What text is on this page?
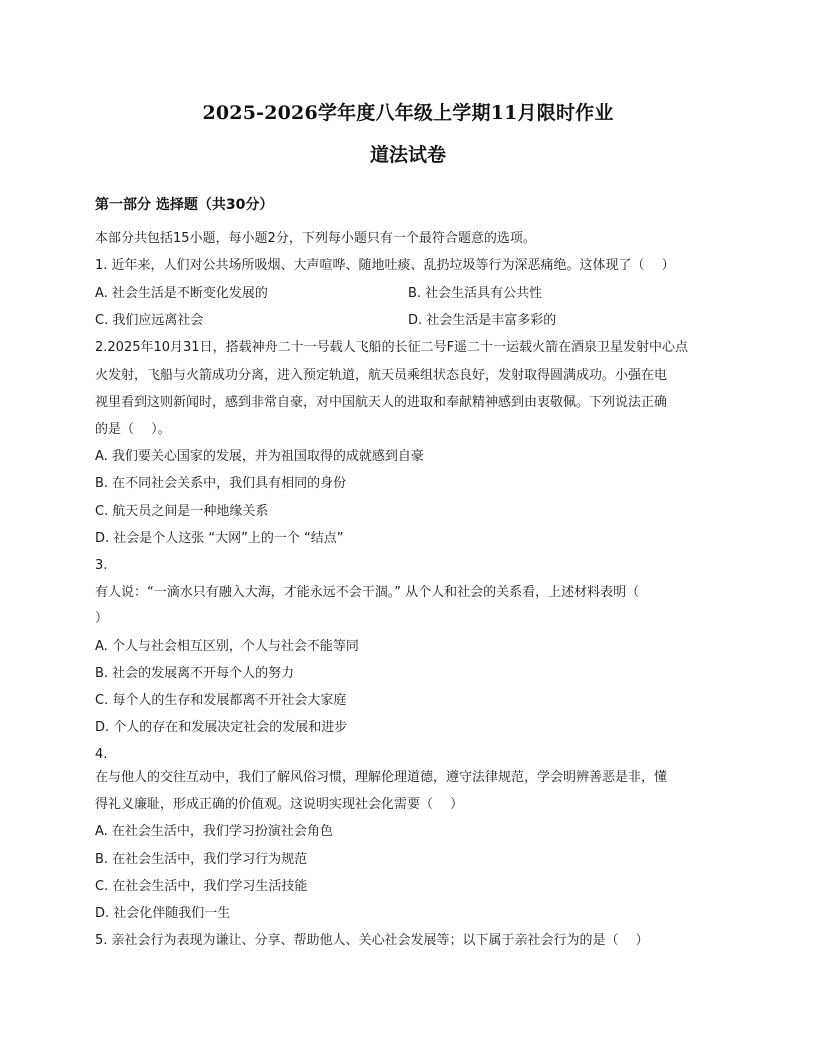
2025-2026学年度八年级上学期11月限时作业
道法试卷
第一部分 选择题（共30分）
本部分共包括15小题，每小题2分，下列每小题只有一个最符合题意的选项。
1. 近年来，人们对公共场所吸烟、大声喧哗、随地吐痰、乱扔垃圾等行为深恶痛绝。这体现了（　 ）
A. 社会生活是不断变化发展的	B. 社会生活具有公共性
C. 我们应远离社会	D. 社会生活是丰富多彩的
2.2025年10月31日，搭载神舟二十一号载人飞船的长征二号F遥二十一运载火箭在酒泉卫星发射中心点
火发射，飞船与火箭成功分离，进入预定轨道，航天员乘组状态良好，发射取得圆满成功。小强在电
视里看到这则新闻时，感到非常自豪，对中国航天人的进取和奉献精神感到由衷敬佩。下列说法正确
的是（　 ）。
A. 我们要关心国家的发展，并为祖国取得的成就感到自豪
B. 在不同社会关系中，我们具有相同的身份
C. 航天员之间是一种地缘关系
D. 社会是个人这张 “大网”上的一个 “结点”
3.
有人说：“一滴水只有融入大海，才能永远不会干涸。” 从个人和社会的关系看，上述材料表明（
）
A. 个人与社会相互区别，个人与社会不能等同
B. 社会的发展离不开每个人的努力
C. 每个人的生存和发展都离不开社会大家庭
D. 个人的存在和发展决定社会的发展和进步
4.
在与他人的交往互动中，我们了解风俗习惯，理解伦理道德，遵守法律规范，学会明辨善恶是非，懂
得礼义廉耻，形成正确的价值观。这说明实现社会化需要（　 ）
A. 在社会生活中，我们学习扮演社会角色
B. 在社会生活中，我们学习行为规范
C. 在社会生活中，我们学习生活技能
D. 社会化伴随我们一生
5. 亲社会行为表现为谦让、分享、帮助他人、关心社会发展等；以下属于亲社会行为的是（　 ）
